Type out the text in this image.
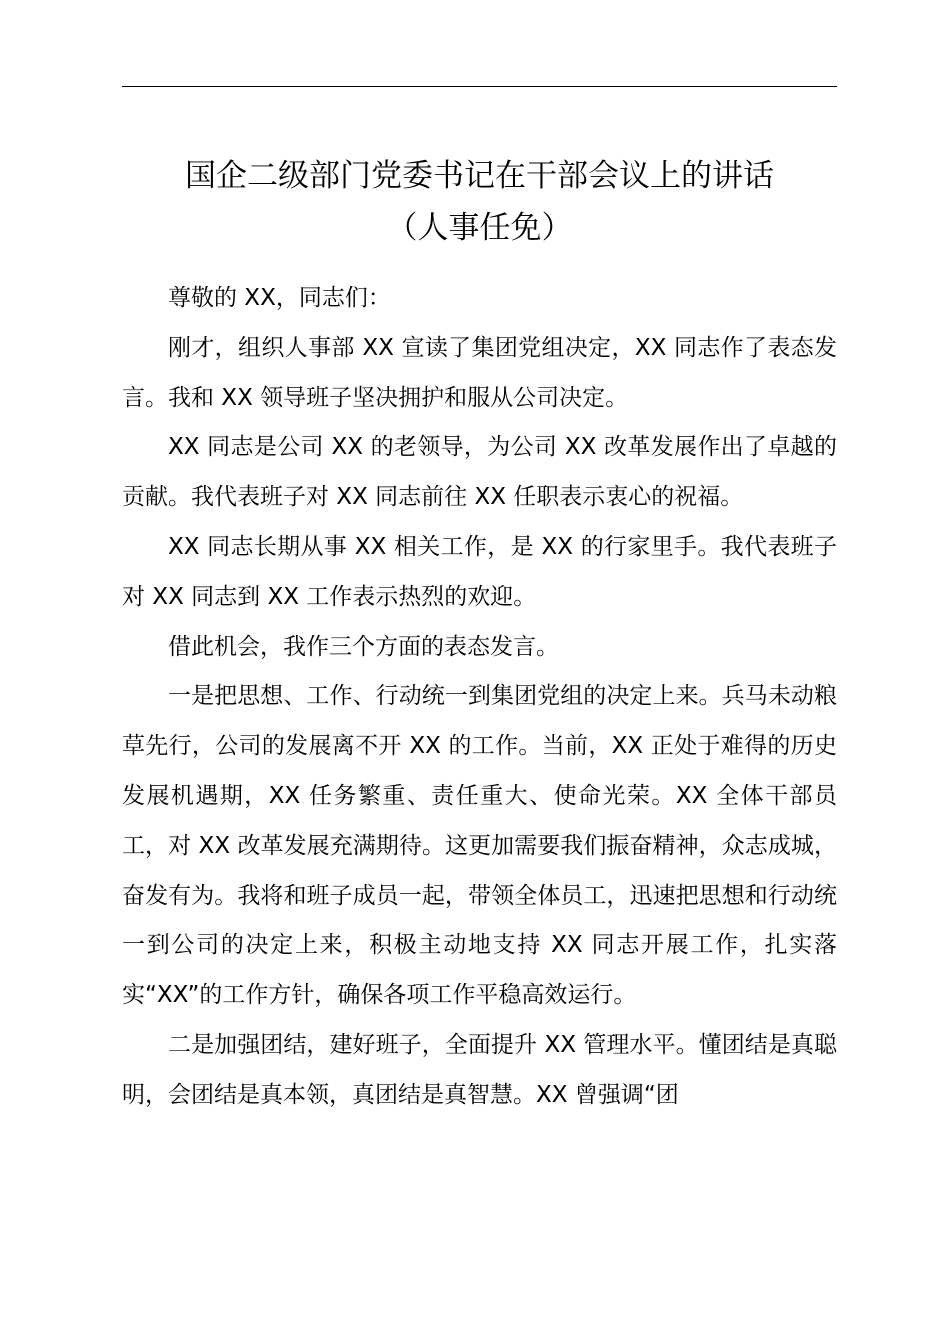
国企二级部门党委书记在干部会议上的讲话
（人事任免）

尊敬的 XX，同志们：

刚才，组织人事部 XX 宣读了集团党组决定，XX 同志作了表态发言。我和 XX 领导班子坚决拥护和服从公司决定。

XX 同志是公司 XX 的老领导，为公司 XX 改革发展作出了卓越的贡献。我代表班子对 XX 同志前往 XX 任职表示衷心的祝福。

XX 同志长期从事 XX 相关工作，是 XX 的行家里手。我代表班子对 XX 同志到 XX 工作表示热烈的欢迎。

借此机会，我作三个方面的表态发言。

一是把思想、工作、行动统一到集团党组的决定上来。兵马未动粮草先行，公司的发展离不开 XX 的工作。当前，XX 正处于难得的历史发展机遇期，XX 任务繁重、责任重大、使命光荣。XX 全体干部员工，对 XX 改革发展充满期待。这更加需要我们振奋精神，众志成城，奋发有为。我将和班子成员一起，带领全体员工，迅速把思想和行动统一到公司的决定上来，积极主动地支持 XX 同志开展工作，扎实落实“XX”的工作方针，确保各项工作平稳高效运行。

二是加强团结，建好班子，全面提升 XX 管理水平。懂团结是真聪明，会团结是真本领，真团结是真智慧。XX 曾强调“团
